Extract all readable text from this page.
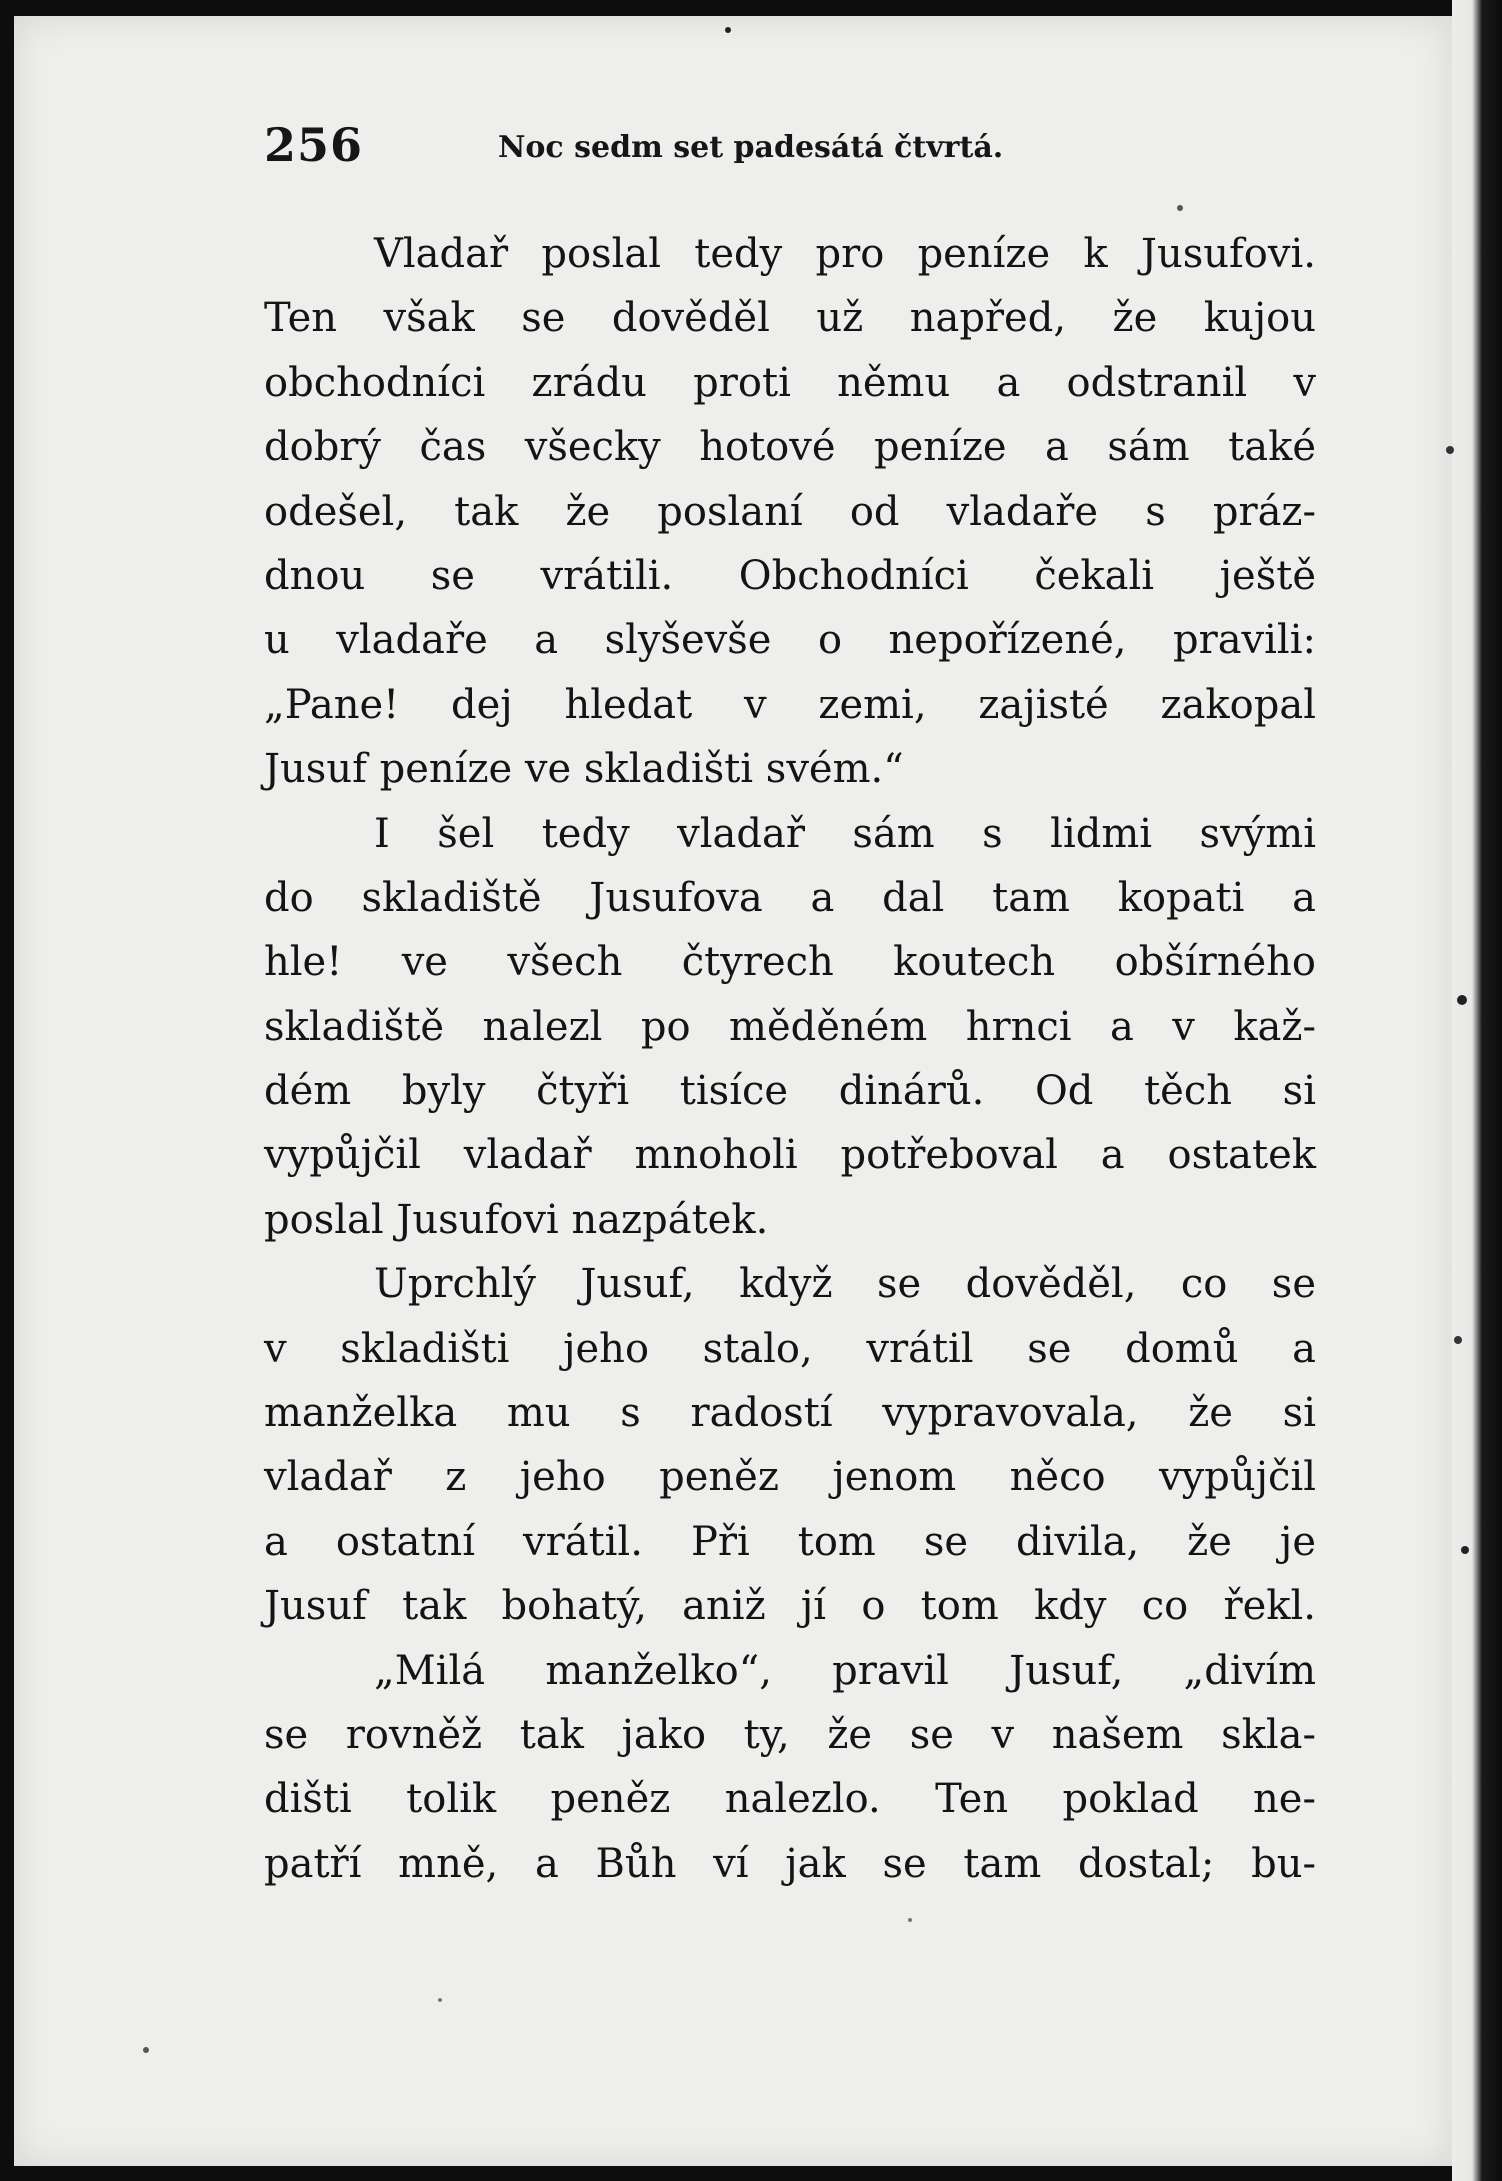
256	Noc sedm set padesátá čtvrtá.
Vladař poslal tedy pro peníze k Jusufovi.
Ten však se dověděl už napřed, že kujou
obchodníci zrádu proti němu a odstranil v
dobrý čas všecky hotové peníze a sám také
odešel, tak že poslaní od vladaře s práz-
dnou se vrátili. Obchodníci čekali ještě
u vladaře a slyševše o nepořízené, pravili:
„Pane! dej hledat v zemi, zajisté zakopal
Jusuf peníze ve skladišti svém.“
I šel tedy vladař sám s lidmi svými
do skladiště Jusufova a dal tam kopati a
hle! ve všech čtyrech koutech obšírného
skladiště nalezl po měděném hrnci a v kaž-
dém byly čtyři tisíce dinárů. Od těch si
vypůjčil vladař mnoholi potřeboval a ostatek
poslal Jusufovi nazpátek.
Uprchlý Jusuf, když se dověděl, co se
v skladišti jeho stalo, vrátil se domů a
manželka mu s radostí vypravovala, že si
vladař z jeho peněz jenom něco vypůjčil
a ostatní vrátil. Při tom se divila, že je
Jusuf tak bohatý, aniž jí o tom kdy co řekl.
„Milá manželko“, pravil Jusuf, „divím
se rovněž tak jako ty, že se v našem skla-
dišti tolik peněz nalezlo. Ten poklad ne-
patří mně, a Bůh ví jak se tam dostal; bu-
